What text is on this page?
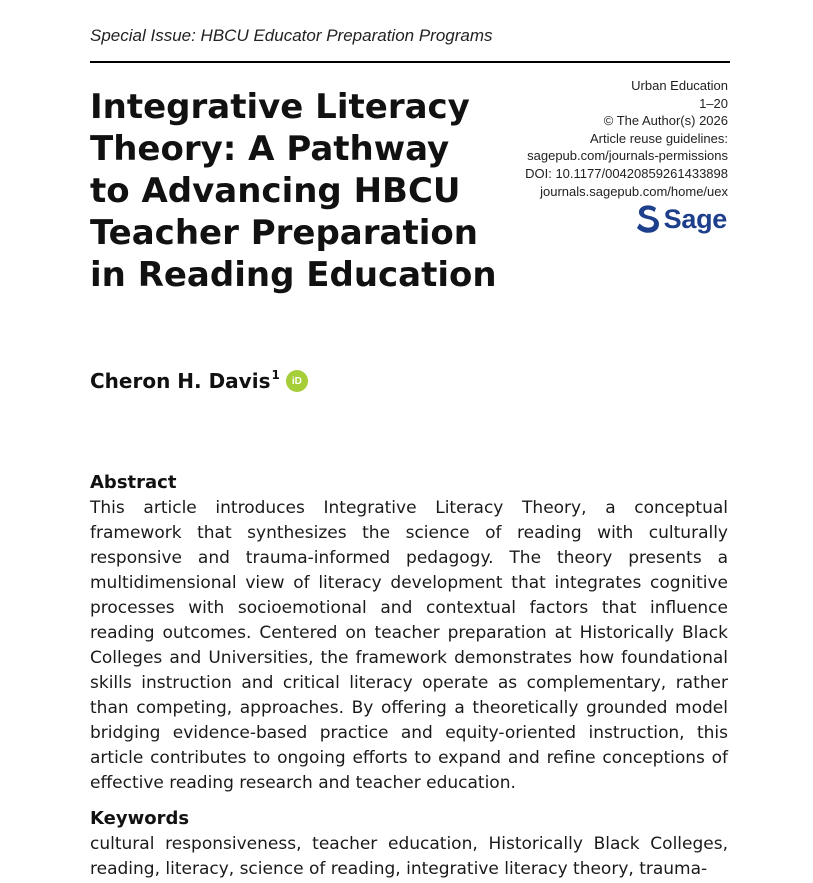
Special Issue: HBCU Educator Preparation Programs
Urban Education
1–20
© The Author(s) 2026
Article reuse guidelines:
sagepub.com/journals-permissions
DOI: 10.1177/00420859261433898
journals.sagepub.com/home/uex
Sage
Integrative Literacy Theory: A Pathway to Advancing HBCU Teacher Preparation in Reading Education
Cheron H. Davis 1	iD
Abstract

This article introduces Integrative Literacy Theory, a conceptual framework that synthesizes the science of reading with culturally responsive and trauma-informed pedagogy. The theory presents a multidimensional view of literacy development that integrates cognitive processes with socioemotional and contextual factors that influence reading outcomes. Centered on teacher preparation at Historically Black Colleges and Universities, the framework demonstrates how foundational skills instruction and critical literacy operate as complementary, rather than competing, approaches. By offering a theoretically grounded model bridging evidence-based practice and equity-oriented instruction, this article contributes to ongoing efforts to expand and refine conceptions of effective reading research and teacher education.

Keywords

cultural responsiveness, teacher education, Historically Black Colleges, reading, literacy, science of reading, integrative literacy theory, trauma-
